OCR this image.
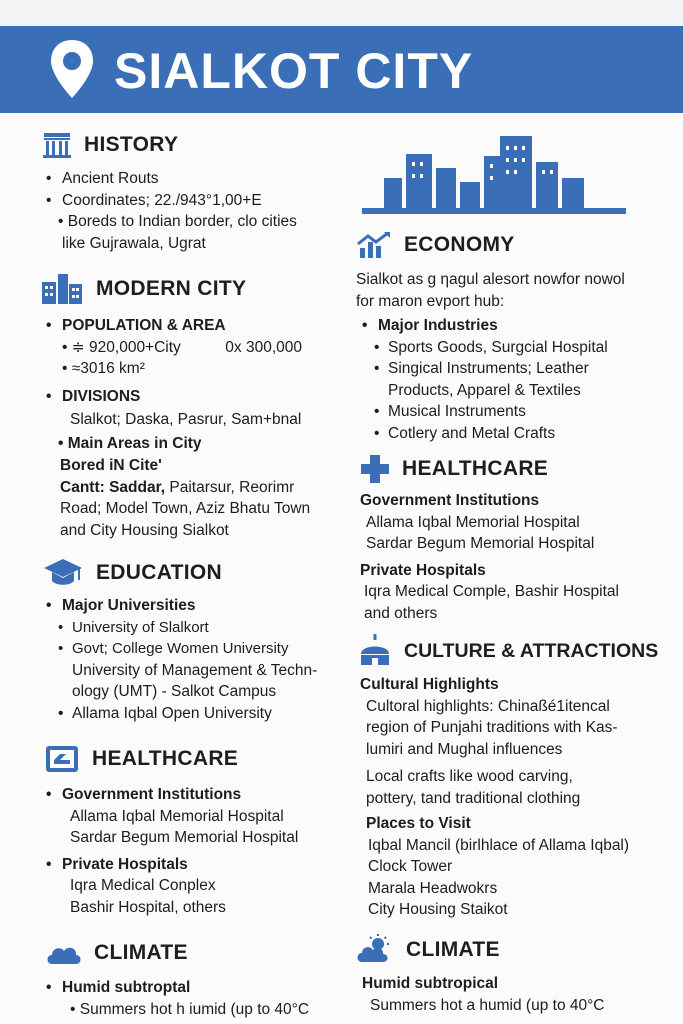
SIALKOT CITY
HISTORY
• Ancient Routs
• Coordinates; 22./943°1,00+E
• Boreds to Indian border, clo cities
like Gujrawala, Ugrat
MODERN CITY
• POPULATION & AREA
• ≑ 920,000+City	0x 300,000
• ≈3016 km²
• DIVISIONS
Slalkot; Daska, Pasrur, Sam+bnal
• Main Areas in City
Bored iN Cite'
Cantt: Saddar, Paitarsur, Reorimr
Road; Model Town, Aziz Bhatu Town
and City Housing Sialkot
EDUCATION
• Major Universities
• University of Slalkort
• Govt; College Women University
University of Management & Techn-
ology (UMT) - Salkot Campus
• Allama Iqbal Open University
HEALTHCARE
• Government Institutions
Allama Iqbal Memorial Hospital
Sardar Begum Memorial Hospital
• Private Hospitals
Iqra Medical Conplex
Bashir Hospital, others
CLIMATE
• Humid subtroptal
• Summers hot h iumid (up to 40°C
ECONOMY
Sialkot as g ηagul alesort nowfor nowol
for maron evport hub:
• Major Industries
• Sports Goods, Surgcial Hospital
• Singical Instruments; Leather
Products, Apparel & Textiles
• Musical Instruments
• Cotlery and Metal Crafts
HEALTHCARE
Government Institutions
Allama Iqbal Memorial Hospital
Sardar Begum Memorial Hospital
Private Hospitals
Iqra Medical Comple, Bashir Hospital
and others
CULTURE & ATTRACTIONS
Cultural Highlights
Cultoral highlights: Chinaßé1itencal
region of Punjahi traditions with Kas-
lumiri and Mughal influences
Local crafts like wood carving,
pottery, tand traditional clothing
Places to Visit
Iqbal Mancil (birlhlace of Allama Iqbal)
Clock Tower
Marala Headwokrs
City Housing Staikot
CLIMATE
Humid subtropical
Summers hot a humid (up to 40°C
